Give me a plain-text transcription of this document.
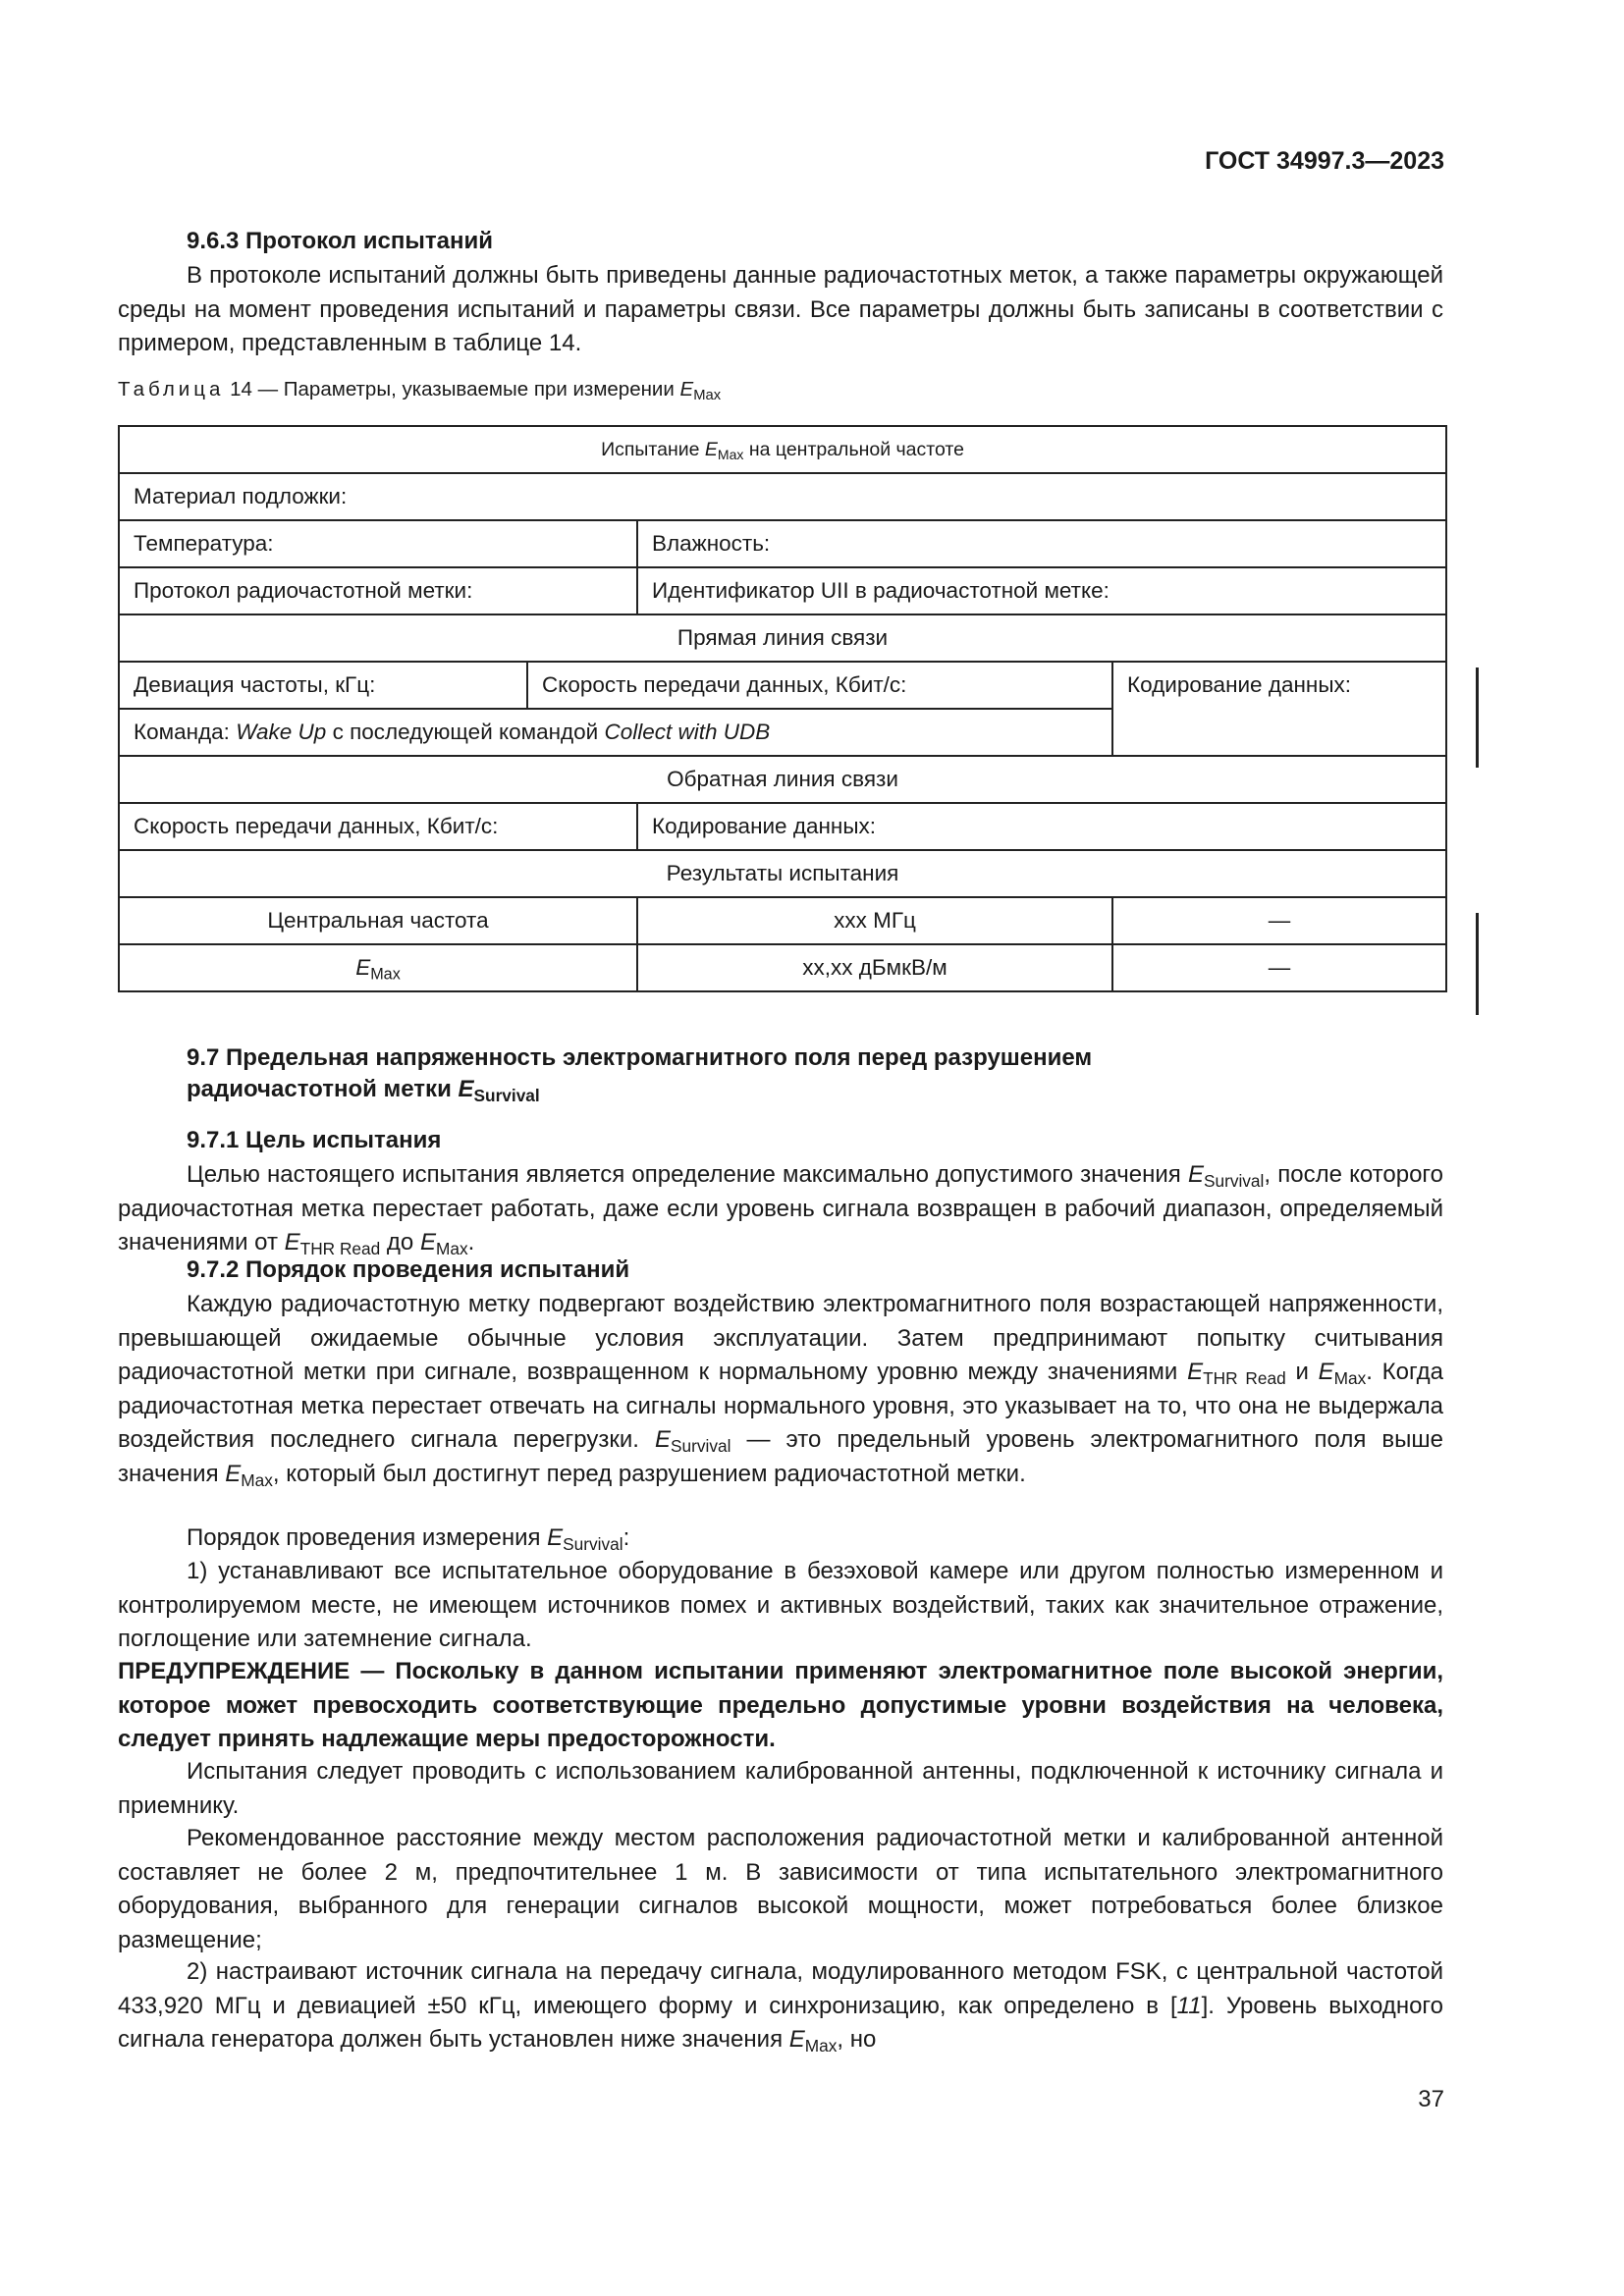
ГОСТ 34997.3—2023
9.6.3 Протокол испытаний
В протоколе испытаний должны быть приведены данные радиочастотных меток, а также параметры окружающей среды на момент проведения испытаний и параметры связи. Все параметры должны быть записаны в соответствии с примером, представленным в таблице 14.
Таблица 14 — Параметры, указываемые при измерении $E_{Max}$
Испытание $E_{Max}$ на центральной частоте			
Материал подложки:			
Температура:		Влажность:	
Протокол радиочастотной метки:		Идентификатор UII в радиочастотной метке:	
Прямая линия связи			
Девиация частоты, кГц:	Скорость передачи данных, Кбит/с:		Кодирование данных:
Команда: Wake Up с последующей командой Collect with UDB			
Обратная линия связи			
Скорость передачи данных, Кбит/с:		Кодирование данных:	
Результаты испытания			
Центральная частота		xxx МГц	—
$E_{Max}$		xx,xx дБмкВ/м	—
9.7 Предельная напряженность электромагнитного поля перед разрушением
радиочастотной метки $E_{Survival}$
9.7.1 Цель испытания
Целью настоящего испытания является определение максимально допустимого значения $E_{Survival}$, после которого радиочастотная метка перестает работать, даже если уровень сигнала возвращен в рабочий диапазон, определяемый значениями от $E_{THR Read}$ до $E_{Max}$.
9.7.2 Порядок проведения испытаний
Каждую радиочастотную метку подвергают воздействию электромагнитного поля возрастающей напряженности, превышающей ожидаемые обычные условия эксплуатации. Затем предпринимают попытку считывания радиочастотной метки при сигнале, возвращенном к нормальному уровню между значениями $E_{THR Read}$ и $E_{Max}$. Когда радиочастотная метка перестает отвечать на сигналы нормального уровня, это указывает на то, что она не выдержала воздействия последнего сигнала перегрузки. $E_{Survival}$ — это предельный уровень электромагнитного поля выше значения $E_{Max}$, который был достигнут перед разрушением радиочастотной метки.
Порядок проведения измерения $E_{Survival}$:
1) устанавливают все испытательное оборудование в безэховой камере или другом полностью измеренном и контролируемом месте, не имеющем источников помех и активных воздействий, таких как значительное отражение, поглощение или затемнение сигнала.
ПРЕДУПРЕЖДЕНИЕ — Поскольку в данном испытании применяют электромагнитное поле высокой энергии, которое может превосходить соответствующие предельно допустимые уровни воздействия на человека, следует принять надлежащие меры предосторожности.
Испытания следует проводить с использованием калиброванной антенны, подключенной к источнику сигнала и приемнику.
Рекомендованное расстояние между местом расположения радиочастотной метки и калиброванной антенной составляет не более 2 м, предпочтительнее 1 м. В зависимости от типа испытательного электромагнитного оборудования, выбранного для генерации сигналов высокой мощности, может потребоваться более близкое размещение;
2) настраивают источник сигнала на передачу сигнала, модулированного методом FSK, с центральной частотой 433,920 МГц и девиацией ±50 кГц, имеющего форму и синхронизацию, как определено в [11]. Уровень выходного сигнала генератора должен быть установлен ниже значения $E_{Max}$, но
37
